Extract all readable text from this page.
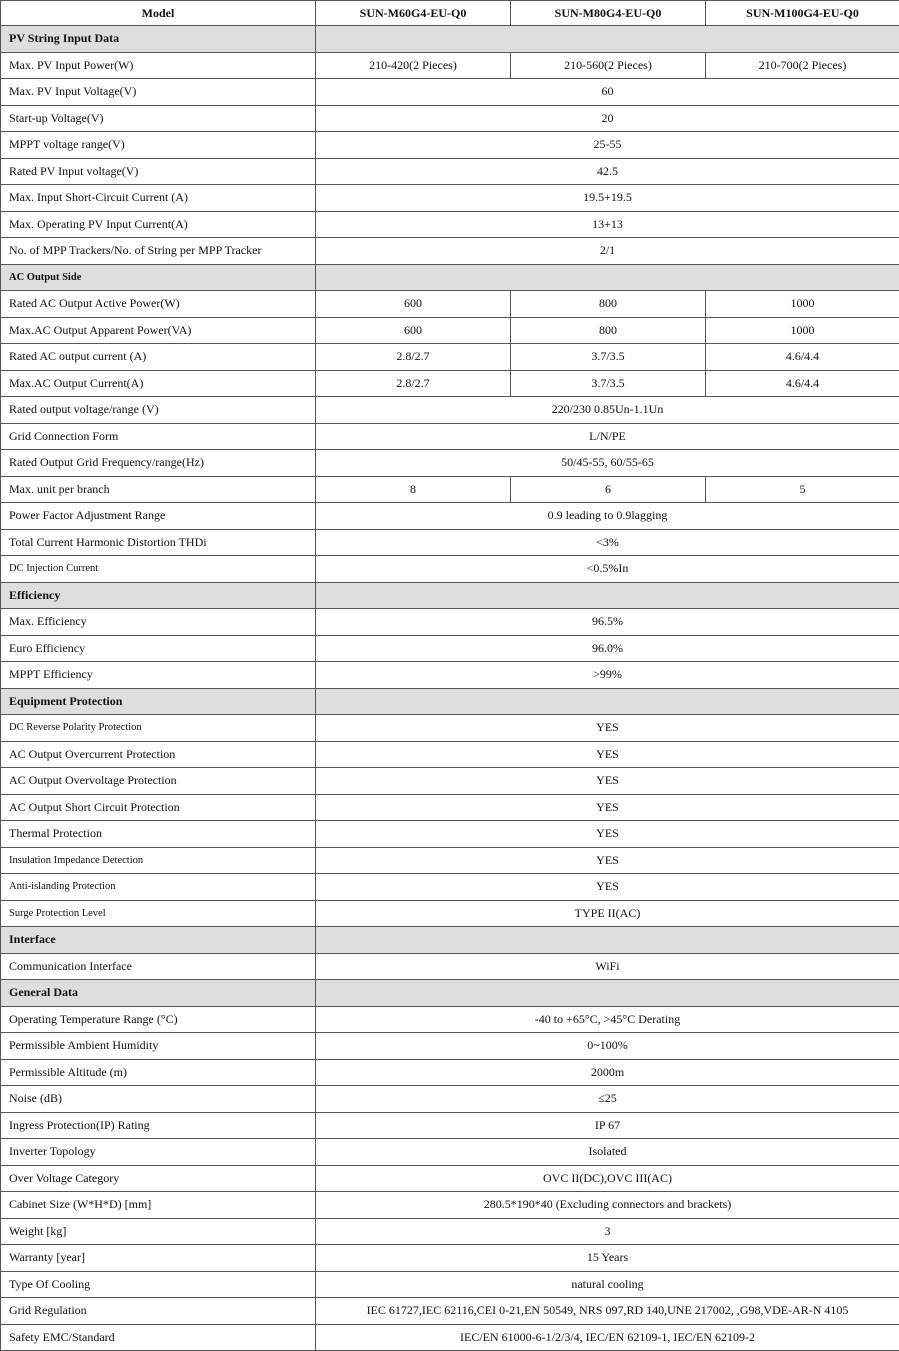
Model	SUN-M60G4-EU-Q0	SUN-M80G4-EU-Q0	SUN-M100G4-EU-Q0
PV String Input Data			
Max. PV Input Power(W)	210-420(2 Pieces)	210-560(2 Pieces)	210-700(2 Pieces)
Max. PV Input Voltage(V)	60		
Start-up Voltage(V)	20		
MPPT voltage range(V)	25-55		
Rated PV Input voltage(V)	42.5		
Max. Input Short-Circuit Current (A)	19.5+19.5		
Max. Operating PV Input Current(A)	13+13		
No. of MPP Trackers/No. of String per MPP Tracker	2/1		
AC Output Side			
Rated AC Output Active Power(W)	600	800	1000
Max.AC Output Apparent Power(VA)	600	800	1000
Rated AC output current (A)	2.8/2.7	3.7/3.5	4.6/4.4
Max.AC Output Current(A)	2.8/2.7	3.7/3.5	4.6/4.4
Rated output voltage/range (V)	220/230 0.85Un-1.1Un		
Grid Connection Form	L/N/PE		
Rated Output Grid Frequency/range(Hz)	50/45-55, 60/55-65		
Max. unit per branch	8	6	5
Power Factor Adjustment Range	0.9 leading to 0.9lagging		
Total Current Harmonic Distortion THDi	<3%		
DC Injection Current	<0.5%In		
Efficiency			
Max. Efficiency	96.5%		
Euro Efficiency	96.0%		
MPPT Efficiency	>99%		
Equipment Protection			
DC Reverse Polarity Protection	YES		
AC Output Overcurrent Protection	YES		
AC Output Overvoltage Protection	YES		
AC Output Short Circuit Protection	YES		
Thermal Protection	YES		
Insulation Impedance Detection	YES		
Anti-islanding Protection	YES		
Surge Protection Level	TYPE II(AC)		
Interface			
Communication Interface	WiFi		
General Data			
Operating Temperature Range (°C)	-40 to +65°C, >45°C Derating		
Permissible Ambient Humidity	0~100%		
Permissible Altitude (m)	2000m		
Noise (dB)	≤25		
Ingress Protection(IP) Rating	IP 67		
Inverter Topology	Isolated		
Over Voltage Category	OVC II(DC),OVC III(AC)		
Cabinet Size (W*H*D) [mm]	280.5*190*40 (Excluding connectors and brackets)		
Weight [kg]	3		
Warranty [year]	15 Years		
Type Of Cooling	natural cooling		
Grid Regulation	IEC 61727,IEC 62116,CEI 0-21,EN 50549, NRS 097,RD 140,UNE 217002, ,G98,VDE-AR-N 4105		
Safety EMC/Standard	IEC/EN 61000-6-1/2/3/4, IEC/EN 62109-1, IEC/EN 62109-2		
